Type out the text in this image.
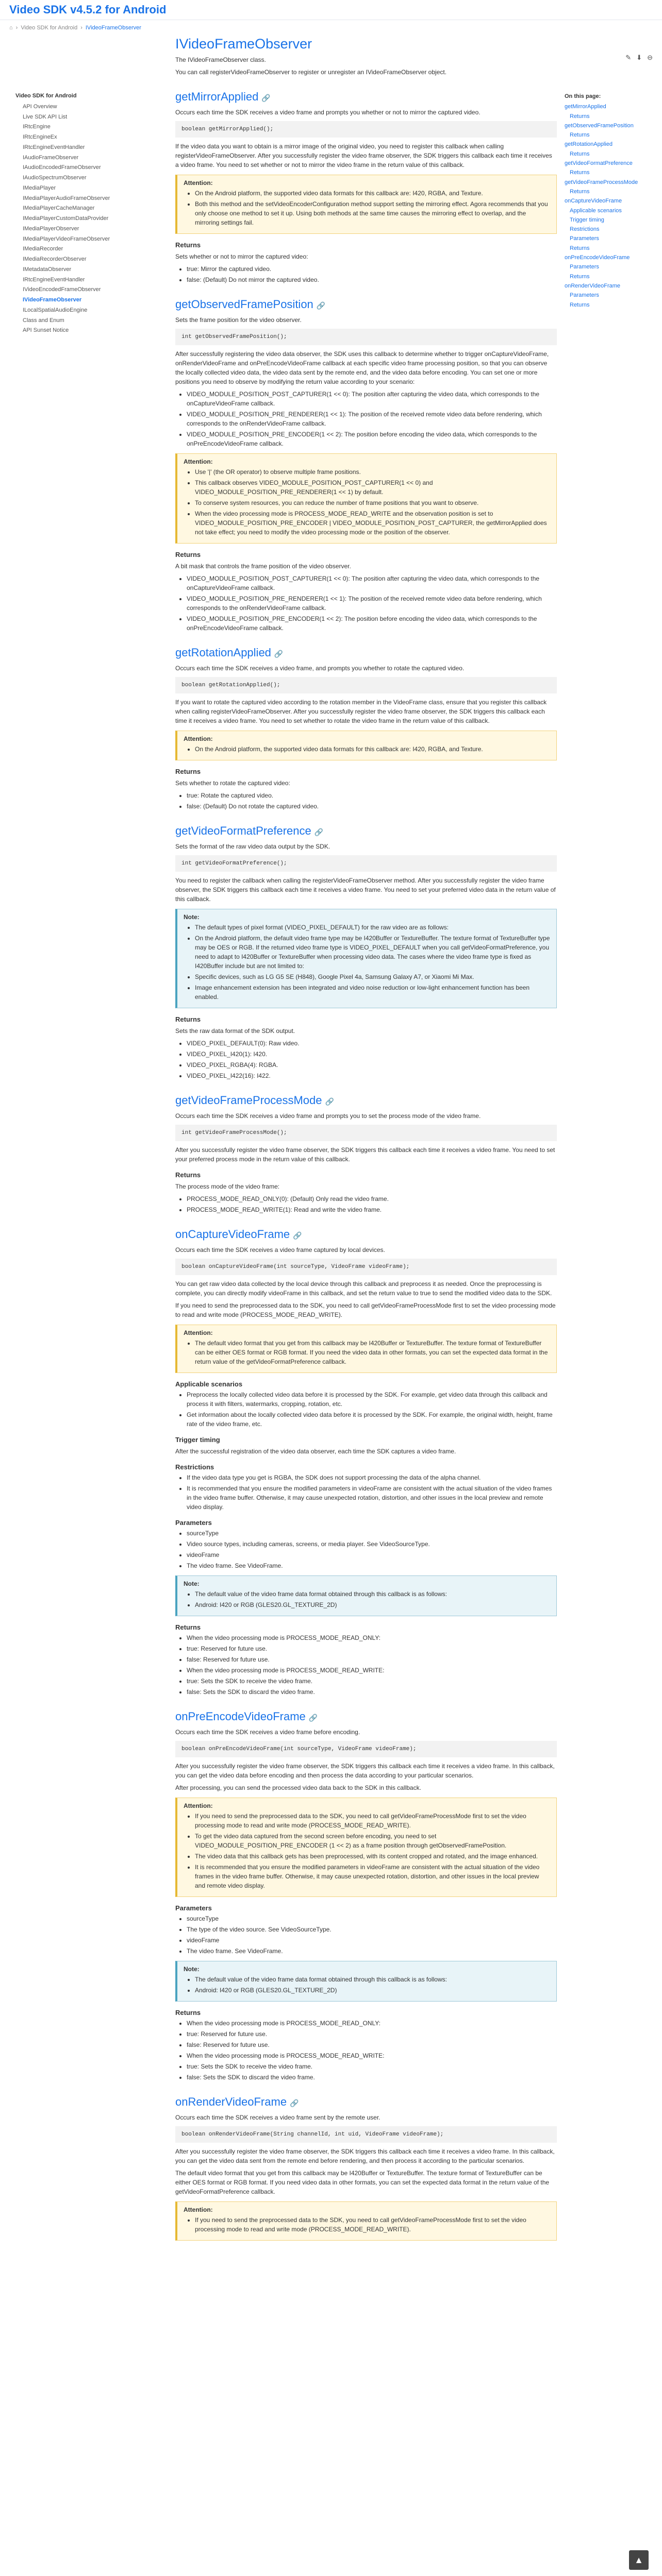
Video SDK v4.5.2 for Android
⌂ › Video SDK for Android › IVideoFrameObserver
✎ ⬇ ⊖
Video SDK for Android
API Overview
Live SDK API List
IRtcEngine
IRtcEngineEx
IRtcEngineEventHandler
IAudioFrameObserver
IAudioEncodedFrameObserver
IAudioSpectrumObserver
IMediaPlayer
IMediaPlayerAudioFrameObserver
IMediaPlayerCacheManager
IMediaPlayerCustomDataProvider
IMediaPlayerObserver
IMediaPlayerVideoFrameObserver
IMediaRecorder
IMediaRecorderObserver
IMetadataObserver
IRtcEngineEventHandler
IVideoEncodedFrameObserver
IVideoFrameObserver
ILocalSpatialAudioEngine
Class and Enum
API Sunset Notice
IVideoFrameObserver

The IVideoFrameObserver class.

You can call registerVideoFrameObserver to register or unregister an IVideoFrameObserver object.

getMirrorApplied 🔗

Occurs each time the SDK receives a video frame and prompts you whether or not to mirror the captured video.

boolean getMirrorApplied();

If the video data you want to obtain is a mirror image of the original video, you need to register this callback when calling registerVideoFrameObserver. After you successfully register the video frame observer, the SDK triggers this callback each time it receives a video frame. You need to set whether or not to mirror the video frame in the return value of this callback.

Attention:
• On the Android platform, the supported video data formats for this callback are: I420, RGBA, and Texture.
• Both this method and the setVideoEncoderConfiguration method support setting the mirroring effect. Agora recommends that you only choose one method to set it up. Using both methods at the same time causes the mirroring effect to overlap, and the mirroring settings fail.
Returns

Sets whether or not to mirror the captured video:

• true: Mirror the captured video.
• false: (Default) Do not mirror the captured video.
getObservedFramePosition 🔗

Sets the frame position for the video observer.

int getObservedFramePosition();

After successfully registering the video data observer, the SDK uses this callback to determine whether to trigger onCaptureVideoFrame, onRenderVideoFrame and onPreEncodeVideoFrame callback at each specific video frame processing position, so that you can observe the locally collected video data, the video data sent by the remote end, and the video data before encoding. You can set one or more positions you need to observe by modifying the return value according to your scenario:

• VIDEO_MODULE_POSITION_POST_CAPTURER(1 << 0): The position after capturing the video data, which corresponds to the onCaptureVideoFrame callback.
• VIDEO_MODULE_POSITION_PRE_RENDERER(1 << 1): The position of the received remote video data before rendering, which corresponds to the onRenderVideoFrame callback.
• VIDEO_MODULE_POSITION_PRE_ENCODER(1 << 2): The position before encoding the video data, which corresponds to the onPreEncodeVideoFrame callback.
Attention:
• Use '|' (the OR operator) to observe multiple frame positions.
• This callback observes VIDEO_MODULE_POSITION_POST_CAPTURER(1 << 0) and VIDEO_MODULE_POSITION_PRE_RENDERER(1 << 1) by default.
• To conserve system resources, you can reduce the number of frame positions that you want to observe.
• When the video processing mode is PROCESS_MODE_READ_WRITE and the observation position is set to VIDEO_MODULE_POSITION_PRE_ENCODER | VIDEO_MODULE_POSITION_POST_CAPTURER, the getMirrorApplied does not take effect; you need to modify the video processing mode or the position of the observer.
Returns

A bit mask that controls the frame position of the video observer.

• VIDEO_MODULE_POSITION_POST_CAPTURER(1 << 0): The position after capturing the video data, which corresponds to the onCaptureVideoFrame callback.
• VIDEO_MODULE_POSITION_PRE_RENDERER(1 << 1): The position of the received remote video data before rendering, which corresponds to the onRenderVideoFrame callback.
• VIDEO_MODULE_POSITION_PRE_ENCODER(1 << 2): The position before encoding the video data, which corresponds to the onPreEncodeVideoFrame callback.
getRotationApplied 🔗

Occurs each time the SDK receives a video frame, and prompts you whether to rotate the captured video.

boolean getRotationApplied();

If you want to rotate the captured video according to the rotation member in the VideoFrame class, ensure that you register this callback when calling registerVideoFrameObserver. After you successfully register the video frame observer, the SDK triggers this callback each time it receives a video frame. You need to set whether to rotate the video frame in the return value of this callback.

Attention:
• On the Android platform, the supported video data formats for this callback are: I420, RGBA, and Texture.
Returns

Sets whether to rotate the captured video:

• true: Rotate the captured video.
• false: (Default) Do not rotate the captured video.
getVideoFormatPreference 🔗

Sets the format of the raw video data output by the SDK.

int getVideoFormatPreference();

You need to register the callback when calling the registerVideoFrameObserver method. After you successfully register the video frame observer, the SDK triggers this callback each time it receives a video frame. You need to set your preferred video data in the return value of this callback.

Note:
• The default types of pixel format (VIDEO_PIXEL_DEFAULT) for the raw video are as follows:
• On the Android platform, the default video frame type may be I420Buffer or TextureBuffer. The texture format of TextureBuffer type may be OES or RGB. If the returned video frame type is VIDEO_PIXEL_DEFAULT when you call getVideoFormatPreference, you need to adapt to I420Buffer or TextureBuffer when processing video data. The cases where the video frame type is fixed as I420Buffer include but are not limited to:
• Specific devices, such as LG G5 SE (H848), Google Pixel 4a, Samsung Galaxy A7, or Xiaomi Mi Max.
• Image enhancement extension has been integrated and video noise reduction or low-light enhancement function has been enabled.
Returns

Sets the raw data format of the SDK output.

• VIDEO_PIXEL_DEFAULT(0): Raw video.
• VIDEO_PIXEL_I420(1): I420.
• VIDEO_PIXEL_RGBA(4): RGBA.
• VIDEO_PIXEL_I422(16): I422.
getVideoFrameProcessMode 🔗

Occurs each time the SDK receives a video frame and prompts you to set the process mode of the video frame.

int getVideoFrameProcessMode();

After you successfully register the video frame observer, the SDK triggers this callback each time it receives a video frame. You need to set your preferred process mode in the return value of this callback.

Returns

The process mode of the video frame:

• PROCESS_MODE_READ_ONLY(0): (Default) Only read the video frame.
• PROCESS_MODE_READ_WRITE(1): Read and write the video frame.
onCaptureVideoFrame 🔗

Occurs each time the SDK receives a video frame captured by local devices.

boolean onCaptureVideoFrame(int sourceType, VideoFrame videoFrame);

You can get raw video data collected by the local device through this callback and preprocess it as needed. Once the preprocessing is complete, you can directly modify videoFrame in this callback, and set the return value to true to send the modified video data to the SDK.

If you need to send the preprocessed data to the SDK, you need to call getVideoFrameProcessMode first to set the video processing mode to read and write mode (PROCESS_MODE_READ_WRITE).

Attention:
• The default video format that you get from this callback may be I420Buffer or TextureBuffer. The texture format of TextureBuffer can be either OES format or RGB format. If you need the video data in other formats, you can set the expected data format in the return value of the getVideoFormatPreference callback.
Applicable scenarios
• Preprocess the locally collected video data before it is processed by the SDK. For example, get video data through this callback and process it with filters, watermarks, cropping, rotation, etc.
• Get information about the locally collected video data before it is processed by the SDK. For example, the original width, height, frame rate of the video frame, etc.
Trigger timing

After the successful registration of the video data observer, each time the SDK captures a video frame.

Restrictions
• If the video data type you get is RGBA, the SDK does not support processing the data of the alpha channel.
• It is recommended that you ensure the modified parameters in videoFrame are consistent with the actual situation of the video frames in the video frame buffer. Otherwise, it may cause unexpected rotation, distortion, and other issues in the local preview and remote video display.
Parameters
• sourceType
• Video source types, including cameras, screens, or media player. See VideoSourceType.
• videoFrame
• The video frame. See VideoFrame.
Note:
• The default value of the video frame data format obtained through this callback is as follows:
• Android: I420 or RGB (GLES20.GL_TEXTURE_2D)
Returns
• When the video processing mode is PROCESS_MODE_READ_ONLY:
• true: Reserved for future use.
• false: Reserved for future use.
• When the video processing mode is PROCESS_MODE_READ_WRITE:
• true: Sets the SDK to receive the video frame.
• false: Sets the SDK to discard the video frame.
onPreEncodeVideoFrame 🔗

Occurs each time the SDK receives a video frame before encoding.

boolean onPreEncodeVideoFrame(int sourceType, VideoFrame videoFrame);

After you successfully register the video frame observer, the SDK triggers this callback each time it receives a video frame. In this callback, you can get the video data before encoding and then process the data according to your particular scenarios.

After processing, you can send the processed video data back to the SDK in this callback.

Attention:
• If you need to send the preprocessed data to the SDK, you need to call getVideoFrameProcessMode first to set the video processing mode to read and write mode (PROCESS_MODE_READ_WRITE).
• To get the video data captured from the second screen before encoding, you need to set VIDEO_MODULE_POSITION_PRE_ENCODER (1 << 2) as a frame position through getObservedFramePosition.
• The video data that this callback gets has been preprocessed, with its content cropped and rotated, and the image enhanced.
• It is recommended that you ensure the modified parameters in videoFrame are consistent with the actual situation of the video frames in the video frame buffer. Otherwise, it may cause unexpected rotation, distortion, and other issues in the local preview and remote video display.
Parameters
• sourceType
• The type of the video source. See VideoSourceType.
• videoFrame
• The video frame. See VideoFrame.
Note:
• The default value of the video frame data format obtained through this callback is as follows:
• Android: I420 or RGB (GLES20.GL_TEXTURE_2D)
Returns
• When the video processing mode is PROCESS_MODE_READ_ONLY:
• true: Reserved for future use.
• false: Reserved for future use.
• When the video processing mode is PROCESS_MODE_READ_WRITE:
• true: Sets the SDK to receive the video frame.
• false: Sets the SDK to discard the video frame.
onRenderVideoFrame 🔗

Occurs each time the SDK receives a video frame sent by the remote user.

boolean onRenderVideoFrame(String channelId, int uid, VideoFrame videoFrame);

After you successfully register the video frame observer, the SDK triggers this callback each time it receives a video frame. In this callback, you can get the video data sent from the remote end before rendering, and then process it according to the particular scenarios.

The default video format that you get from this callback may be I420Buffer or TextureBuffer. The texture format of TextureBuffer can be either OES format or RGB format. If you need video data in other formats, you can set the expected data format in the return value of the getVideoFormatPreference callback.

Attention:
• If you need to send the preprocessed data to the SDK, you need to call getVideoFrameProcessMode first to set the video processing mode to read and write mode (PROCESS_MODE_READ_WRITE).
On this page:
getMirrorApplied
Returns
getObservedFramePosition
Returns
getRotationApplied
Returns
getVideoFormatPreference
Returns
getVideoFrameProcessMode
Returns
onCaptureVideoFrame
Applicable scenarios
Trigger timing
Restrictions
Parameters
Returns
onPreEncodeVideoFrame
Parameters
Returns
onRenderVideoFrame
Parameters
Returns
▲
